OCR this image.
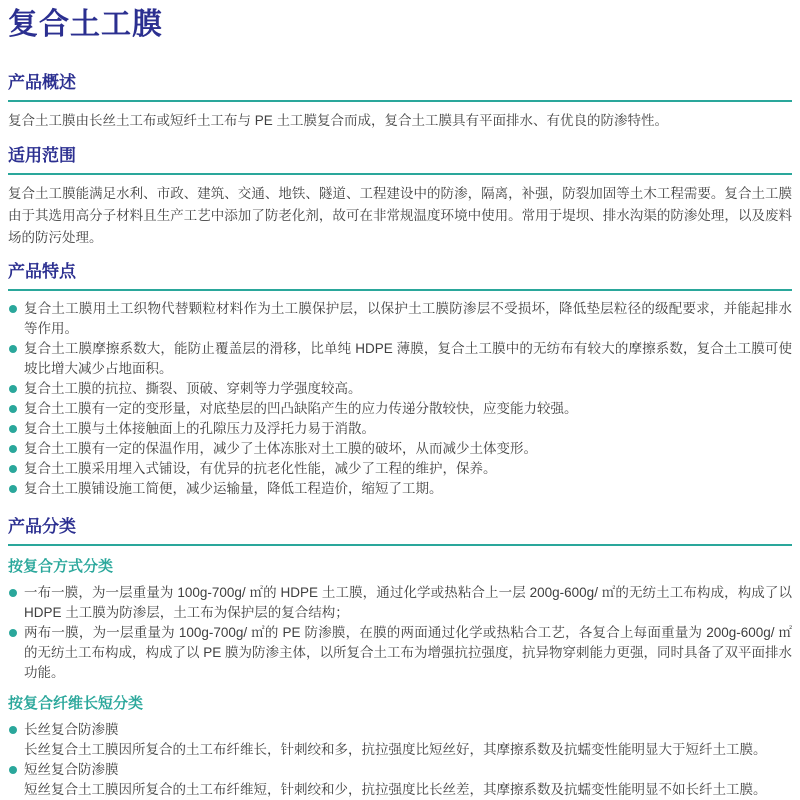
复合土工膜
产品概述

复合土工膜由长丝土工布或短纤土工布与 PE 土工膜复合而成，复合土工膜具有平面排水、有优良的防渗特性。

适用范围

复合土工膜能满足水利、市政、建筑、交通、地铁、隧道、工程建设中的防渗，隔离，补强，防裂加固等土木工程需要。复合土工膜由于其选用高分子材料且生产工艺中添加了防老化剂，故可在非常规温度环境中使用。常用于堤坝、排水沟渠的防渗处理，以及废料场的防污处理。

产品特点
复合土工膜用土工织物代替颗粒材料作为土工膜保护层，以保护土工膜防渗层不受损坏，降低垫层粒径的级配要求，并能起排水等作用。
复合土工膜摩擦系数大，能防止覆盖层的滑移，比单纯 HDPE 薄膜，复合土工膜中的无纺布有较大的摩擦系数，复合土工膜可使坡比增大减少占地面积。
复合土工膜的抗拉、撕裂、顶破、穿刺等力学强度较高。
复合土工膜有一定的变形量，对底垫层的凹凸缺陷产生的应力传递分散较快，应变能力较强。
复合土工膜与土体接触面上的孔隙压力及浮托力易于消散。
复合土工膜有一定的保温作用，减少了土体冻胀对土工膜的破坏，从而减少土体变形。
复合土工膜采用埋入式铺设，有优异的抗老化性能，减少了工程的维护，保养。
复合土工膜铺设施工简便，减少运输量，降低工程造价，缩短了工期。
产品分类
按复合方式分类
一布一膜，为一层重量为 100g-700g/ ㎡的 HDPE 土工膜，通过化学或热粘合上一层 200g-600g/ ㎡的无纺土工布构成，构成了以 HDPE 土工膜为防渗层，土工布为保护层的复合结构；
两布一膜，为一层重量为 100g-700g/ ㎡的 PE 防渗膜，在膜的两面通过化学或热粘合工艺，各复合上每面重量为 200g-600g/ ㎡的无纺土工布构成，构成了以 PE 膜为防渗主体，以所复合土工布为增强抗拉强度，抗异物穿刺能力更强，同时具备了双平面排水功能。
按复合纤维长短分类
长丝复合防渗膜
长丝复合土工膜因所复合的土工布纤维长，针刺绞和多，抗拉强度比短丝好，其摩擦系数及抗蠕变性能明显大于短纤土工膜。
短丝复合防渗膜
短丝复合土工膜因所复合的土工布纤维短，针刺绞和少，抗拉强度比长丝差，其摩擦系数及抗蠕变性能明显不如长纤土工膜。
